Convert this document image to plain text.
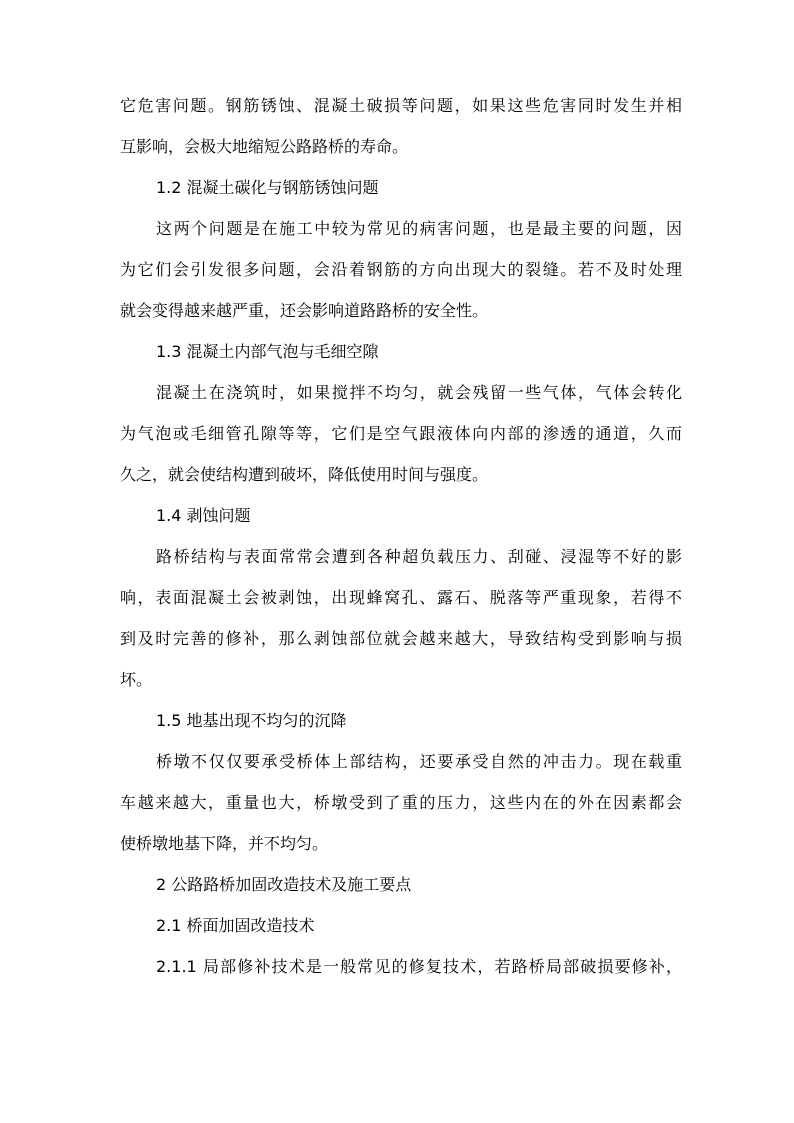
它危害问题。钢筋锈蚀、混凝土破损等问题，如果这些危害同时发生并相
互影响，会极大地缩短公路路桥的寿命。
1.2 混凝土碳化与钢筋锈蚀问题
这两个问题是在施工中较为常见的病害问题，也是最主要的问题，因
为它们会引发很多问题，会沿着钢筋的方向出现大的裂缝。若不及时处理
就会变得越来越严重，还会影响道路路桥的安全性。
1.3 混凝土内部气泡与毛细空隙
混凝土在浇筑时，如果搅拌不均匀，就会残留一些气体，气体会转化
为气泡或毛细管孔隙等等，它们是空气跟液体向内部的渗透的通道，久而
久之，就会使结构遭到破坏，降低使用时间与强度。
1.4 剥蚀问题
路桥结构与表面常常会遭到各种超负载压力、刮碰、浸湿等不好的影
响，表面混凝土会被剥蚀，出现蜂窝孔、露石、脱落等严重现象，若得不
到及时完善的修补，那么剥蚀部位就会越来越大，导致结构受到影响与损
坏。
1.5 地基出现不均匀的沉降
桥墩不仅仅要承受桥体上部结构，还要承受自然的冲击力。现在载重
车越来越大，重量也大，桥墩受到了重的压力，这些内在的外在因素都会
使桥墩地基下降，并不均匀。
2 公路路桥加固改造技术及施工要点
2.1 桥面加固改造技术
2.1.1 局部修补技术是一般常见的修复技术，若路桥局部破损要修补，
